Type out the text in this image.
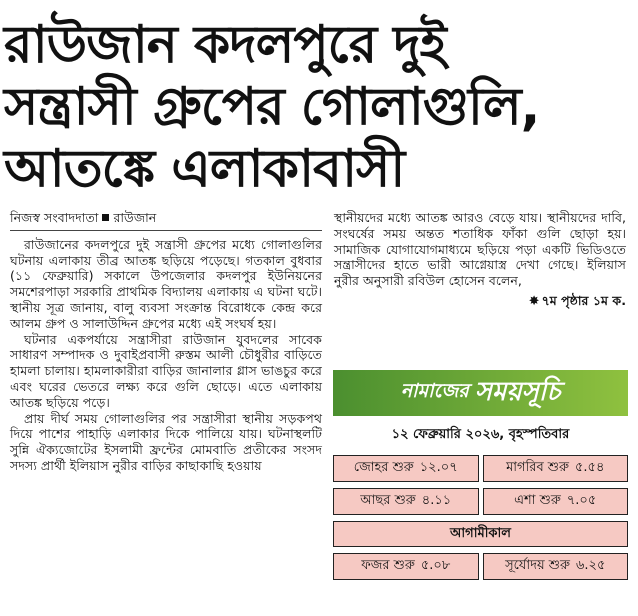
রাউজান কদলপুরে দুই
সন্ত্রাসী গ্রুপের গোলাগুলি,
আতঙ্কে এলাকাবাসী
নিজস্ব সংবাদদাতা রাউজান
রাউজানের কদলপুরে দুই সন্ত্রাসী গ্রুপের মধ্যে গোলাগুলির ঘটনায় এলাকায় তীব্র আতঙ্ক ছড়িয়ে পড়েছে। গতকাল বুধবার (১১ ফেব্রুয়ারি) সকালে উপজেলার কদলপুর ইউনিয়নের সমশেরপাড়া সরকারি প্রাথমিক বিদ্যালয় এলাকায় এ ঘটনা ঘটে। স্থানীয় সূত্র জানায়, বালু ব্যবসা সংক্রান্ত বিরোধকে কেন্দ্র করে আলম গ্রুপ ও সালাউদ্দিন গ্রুপের মধ্যে এই সংঘর্ষ হয়।
ঘটনার একপর্যায়ে সন্ত্রাসীরা রাউজান যুবদলের সাবেক সাধারণ সম্পাদক ও দুবাইপ্রবাসী রুস্তম আলী চৌধুরীর বাড়িতে হামলা চালায়। হামলাকারীরা বাড়ির জানালার গ্লাস ভাঙচুর করে এবং ঘরের ভেতরে লক্ষ্য করে গুলি ছোড়ে। এতে এলাকায় আতঙ্ক ছড়িয়ে পড়ে।
প্রায় দীর্ঘ সময় গোলাগুলির পর সন্ত্রাসীরা স্থানীয় সড়কপথ দিয়ে পাশের পাহাড়ি এলাকার দিকে পালিয়ে যায়। ঘটনাস্থলটি সুন্নি ঐক্যজোটের ইসলামী ফ্রন্টের মোমবাতি প্রতীকের সংসদ সদস্য প্রার্থী ইলিয়াস নুরীর বাড়ির কাছাকাছি হওয়ায়
স্থানীয়দের মধ্যে আতঙ্ক আরও বেড়ে যায়। স্থানীয়দের দাবি, সংঘর্ষের সময় অন্তত শতাধিক ফাঁকা গুলি ছোড়া হয়। সামাজিক যোগাযোগমাধ্যমে ছড়িয়ে পড়া একটি ভিডিওতে সন্ত্রাসীদের হাতে ভারী আগ্নেয়াস্ত্র দেখা গেছে। ইলিয়াস নুরীর অনুসারী রবিউল হোসেন বলেন,
✸ ৭ম পৃষ্ঠার ১ম ক.
নামাজের সময়সূচি
১২ ফেব্রুয়ারি ২০২৬, বৃহস্পতিবার
জোহর শুরু ১২.০৭	মাগরিব শুরু ৫.৫৪
আছর শুরু ৪.১১	এশা শুরু ৭.০৫
আগামীকাল
ফজর শুরু ৫.০৮	সূর্যোদয় শুরু ৬.২৫
